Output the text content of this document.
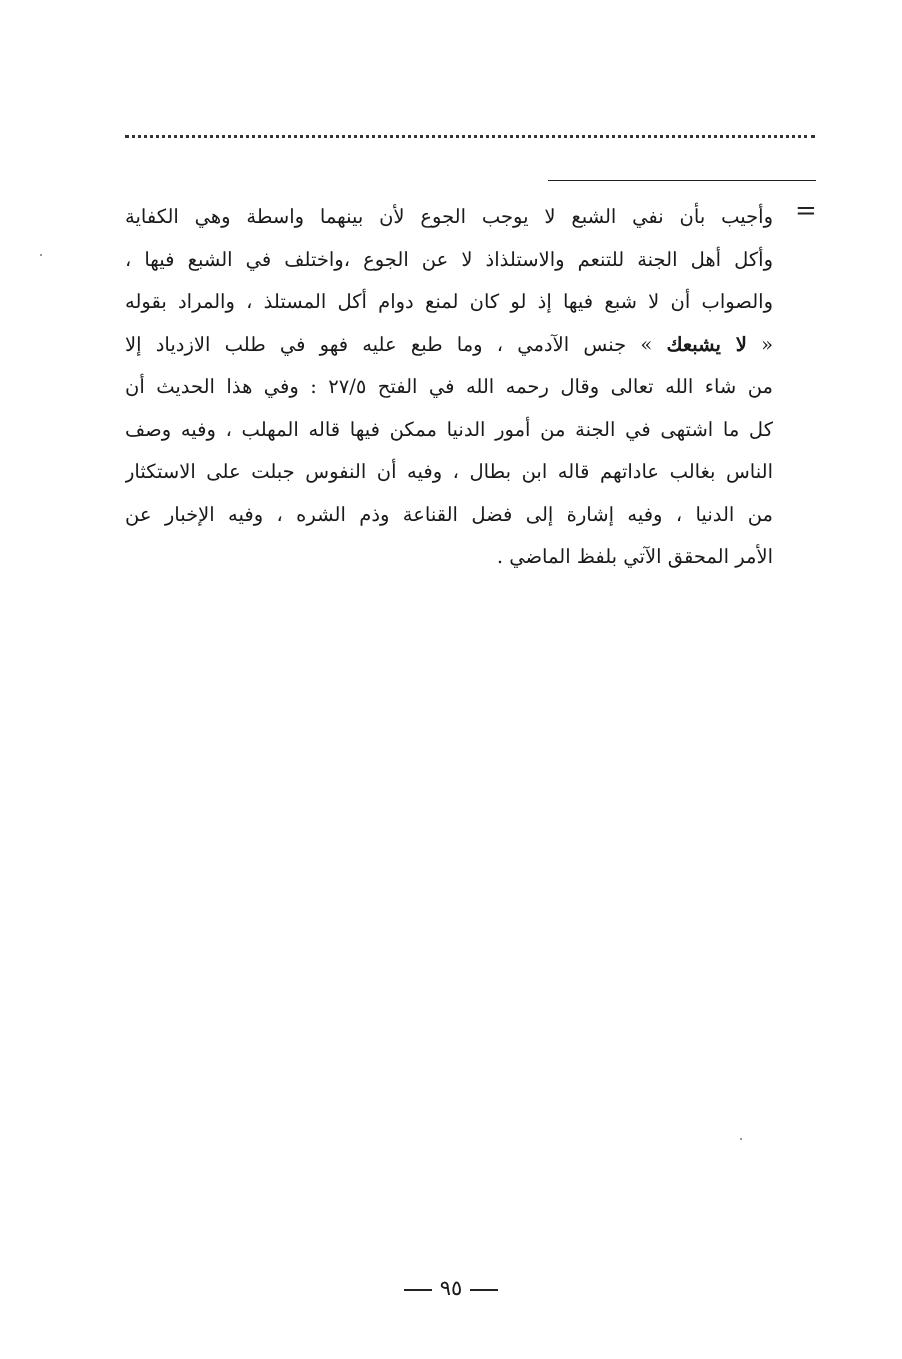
=
وأجيب بأن نفي الشبع لا يوجب الجوع لأن بينهما واسطة وهي الكفاية
وأكل أهل الجنة للتنعم والاستلذاذ لا عن الجوع ،واختلف في الشبع فيها ،
والصواب أن لا شبع فيها إذ لو كان لمنع دوام أكل المستلذ ، والمراد بقوله
« لا يشبعك » جنس الآدمي ، وما طبع عليه فهو في طلب الازدياد إلا
من شاء الله تعالى وقال رحمه الله في الفتح ٢٧/٥ : وفي هذا الحديث أن
كل ما اشتهى في الجنة من أمور الدنيا ممكن فيها قاله المهلب ، وفيه وصف
الناس بغالب عاداتهم قاله ابن بطال ، وفيه أن النفوس جبلت على الاستكثار
من الدنيا ، وفيه إشارة إلى فضل القناعة وذم الشره ، وفيه الإخبار عن
الأمر المحقق الآتي بلفظ الماضي .
٩٥
